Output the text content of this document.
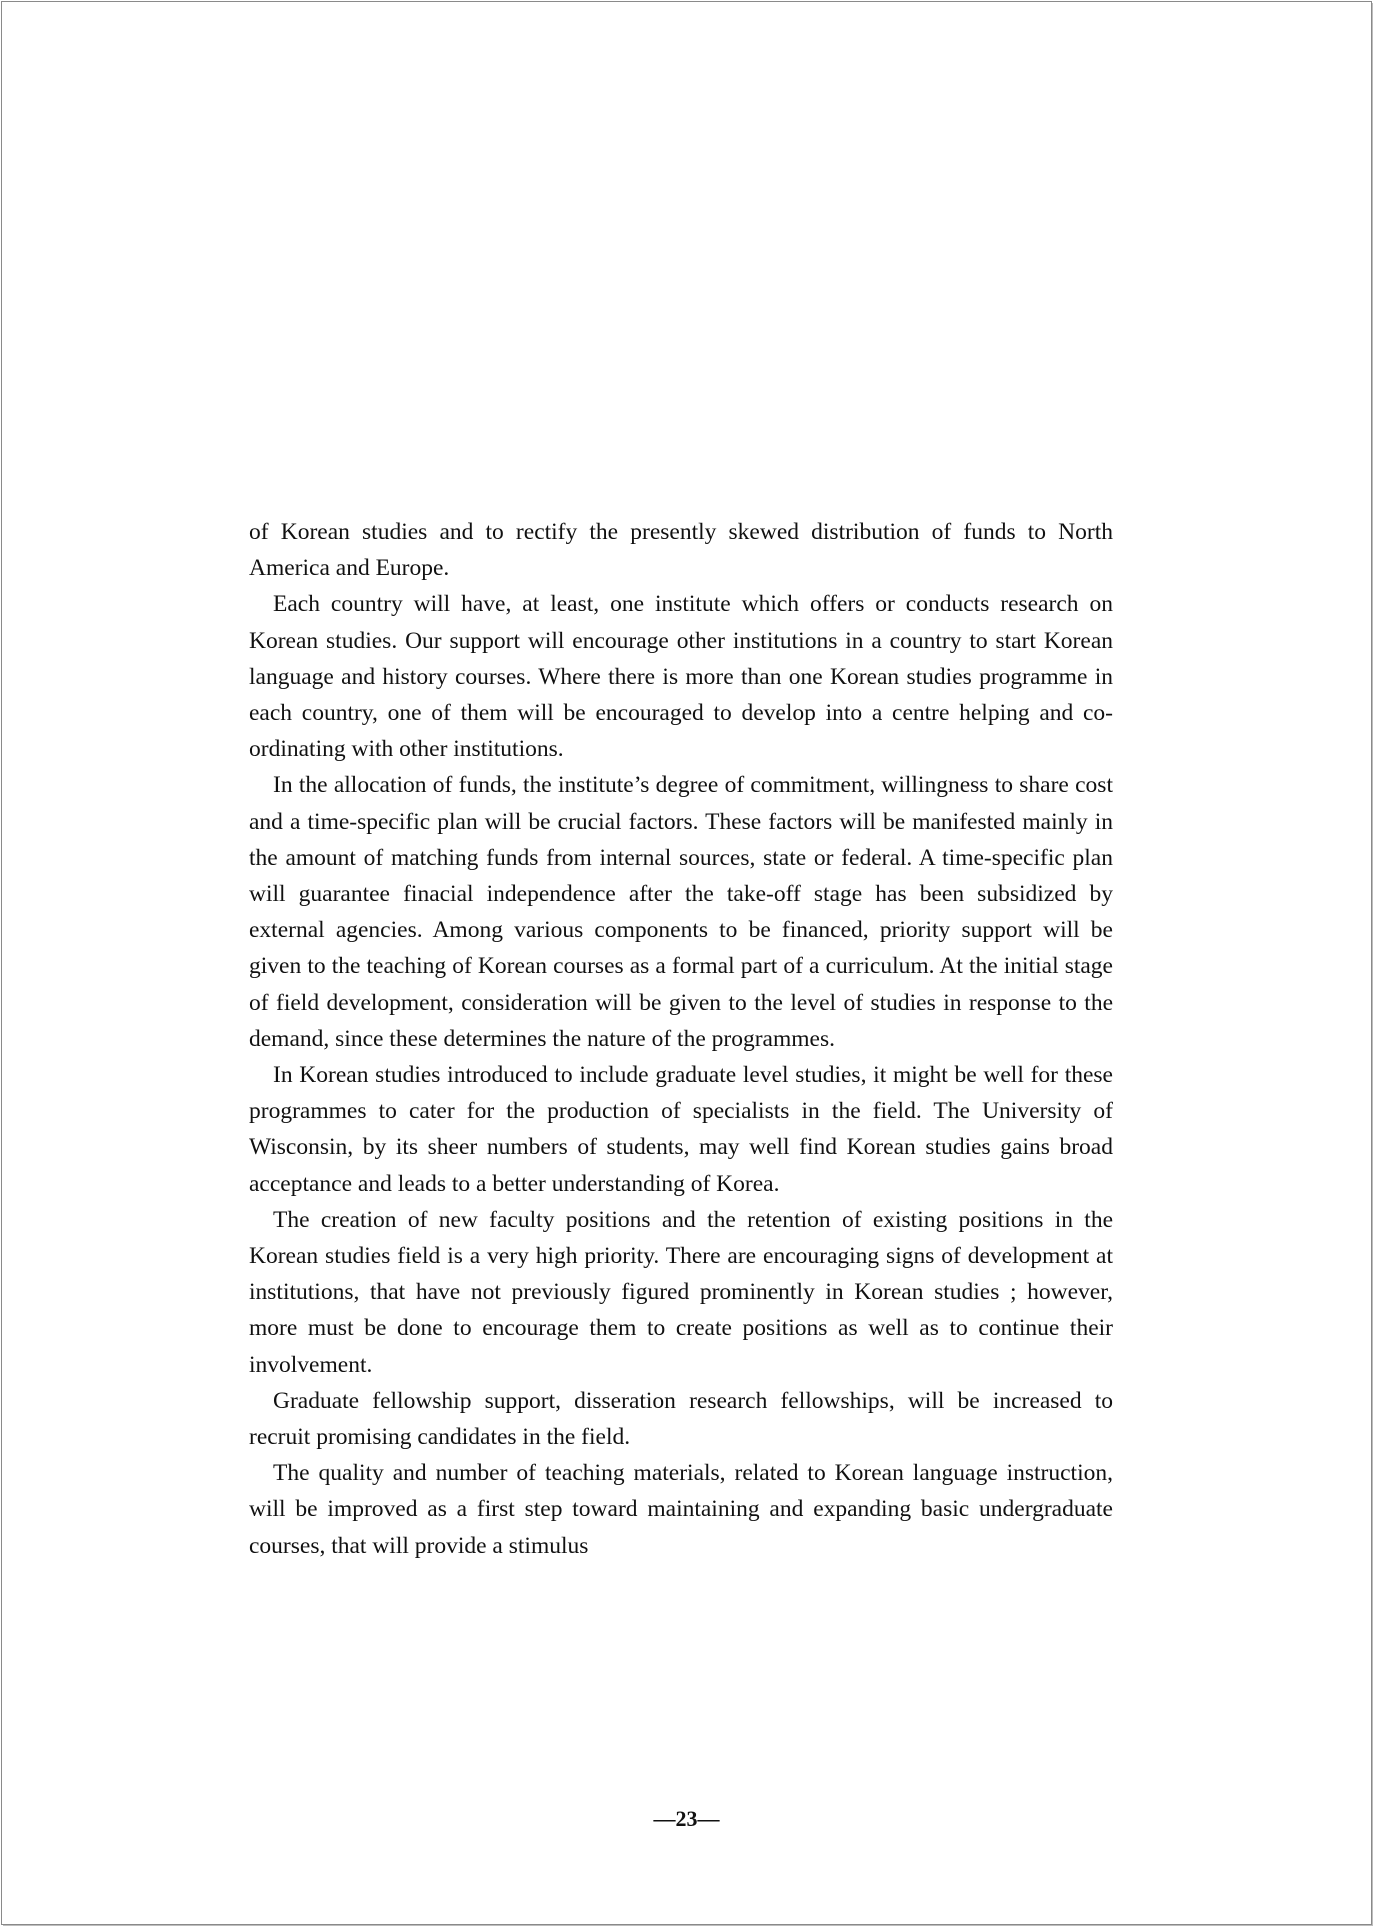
of Korean studies and to rectify the presently skewed distribution of funds to North America and Europe.

Each country will have, at least, one institute which offers or conducts research on Korean studies. Our support will encourage other institutions in a country to start Korean language and history courses. Where there is more than one Korean studies programme in each country, one of them will be encouraged to develop into a centre helping and co-ordinating with other institutions.

In the allocation of funds, the institute’s degree of commitment, willingness to share cost and a time-specific plan will be crucial factors. These factors will be manifested mainly in the amount of matching funds from internal sources, state or federal. A time-specific plan will guarantee finacial independence after the take-off stage has been subsidized by external agencies. Among various components to be financed, priority support will be given to the teaching of Korean courses as a formal part of a curriculum. At the initial stage of field development, consideration will be given to the level of studies in response to the demand, since these determines the nature of the programmes.

In Korean studies introduced to include graduate level studies, it might be well for these programmes to cater for the production of specialists in the field. The University of Wisconsin, by its sheer numbers of students, may well find Korean studies gains broad acceptance and leads to a better understanding of Korea.

The creation of new faculty positions and the retention of existing positions in the Korean studies field is a very high priority. There are encouraging signs of development at institutions, that have not previously figured prominently in Korean studies ; however, more must be done to encourage them to create positions as well as to continue their involvement.

Graduate fellowship support, disseration research fellowships, will be increased to recruit promising candidates in the field.

The quality and number of teaching materials, related to Korean language instruction, will be improved as a first step toward maintaining and expanding basic undergraduate courses, that will provide a stimulus

—23—
